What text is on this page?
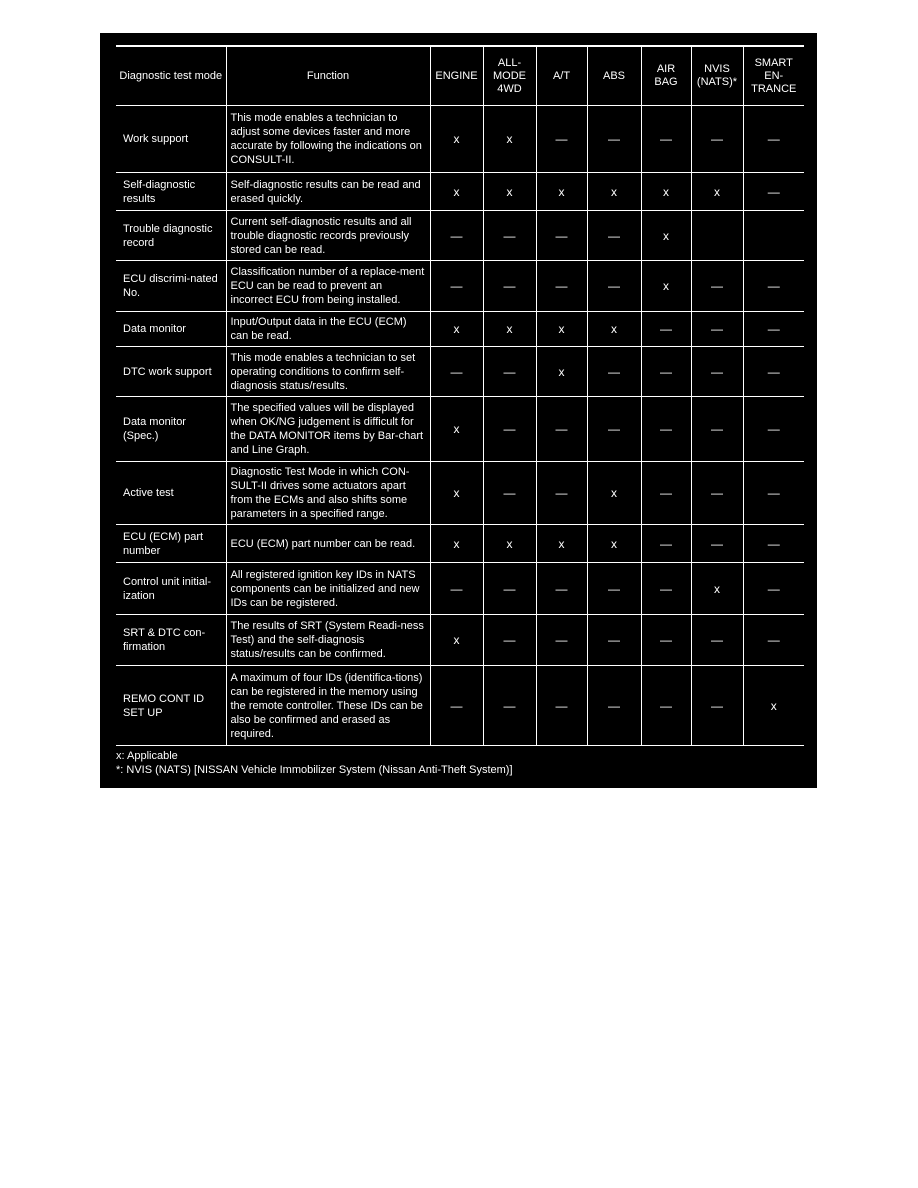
Diagnostic test mode	Function	ENGINE	ALL-MODE 4WD	A/T	ABS	AIR BAG	NVIS (NATS)*	SMART EN-TRANCE
Work support	This mode enables a technician to adjust some devices faster and more accurate by following the indications on CONSULT-II.	x	x	—	—	—	—	—
Self-diagnostic results	Self-diagnostic results can be read and erased quickly.	x	x	x	x	x	x	—
Trouble diagnostic record	Current self-diagnostic results and all trouble diagnostic records previously stored can be read.	—	—	—	—	x		
ECU discrimi-nated No.	Classification number of a replace-ment ECU can be read to prevent an incorrect ECU from being installed.	—	—	—	—	x	—	—
Data monitor	Input/Output data in the ECU (ECM) can be read.	x	x	x	x	—	—	—
DTC work support	This mode enables a technician to set operating conditions to confirm self-diagnosis status/results.	—	—	x	—	—	—	—
Data monitor (Spec.)	The specified values will be displayed when OK/NG judgement is difficult for the DATA MONITOR items by Bar-chart and Line Graph.	x	—	—	—	—	—	—
Active test	Diagnostic Test Mode in which CON-SULT-II drives some actuators apart from the ECMs and also shifts some parameters in a specified range.	x	—	—	x	—	—	—
ECU (ECM) part number	ECU (ECM) part number can be read.	x	x	x	x	—	—	—
Control unit initial-ization	All registered ignition key IDs in NATS components can be initialized and new IDs can be registered.	—	—	—	—	—	x	—
SRT & DTC con-firmation	The results of SRT (System Readi-ness Test) and the self-diagnosis status/results can be confirmed.	x	—	—	—	—	—	—
REMO CONT ID SET UP	A maximum of four IDs (identifica-tions) can be registered in the memory using the remote controller. These IDs can be also be confirmed and erased as required.	—	—	—	—	—	—	x
x: Applicable
*: NVIS (NATS) [NISSAN Vehicle Immobilizer System (Nissan Anti-Theft System)]
